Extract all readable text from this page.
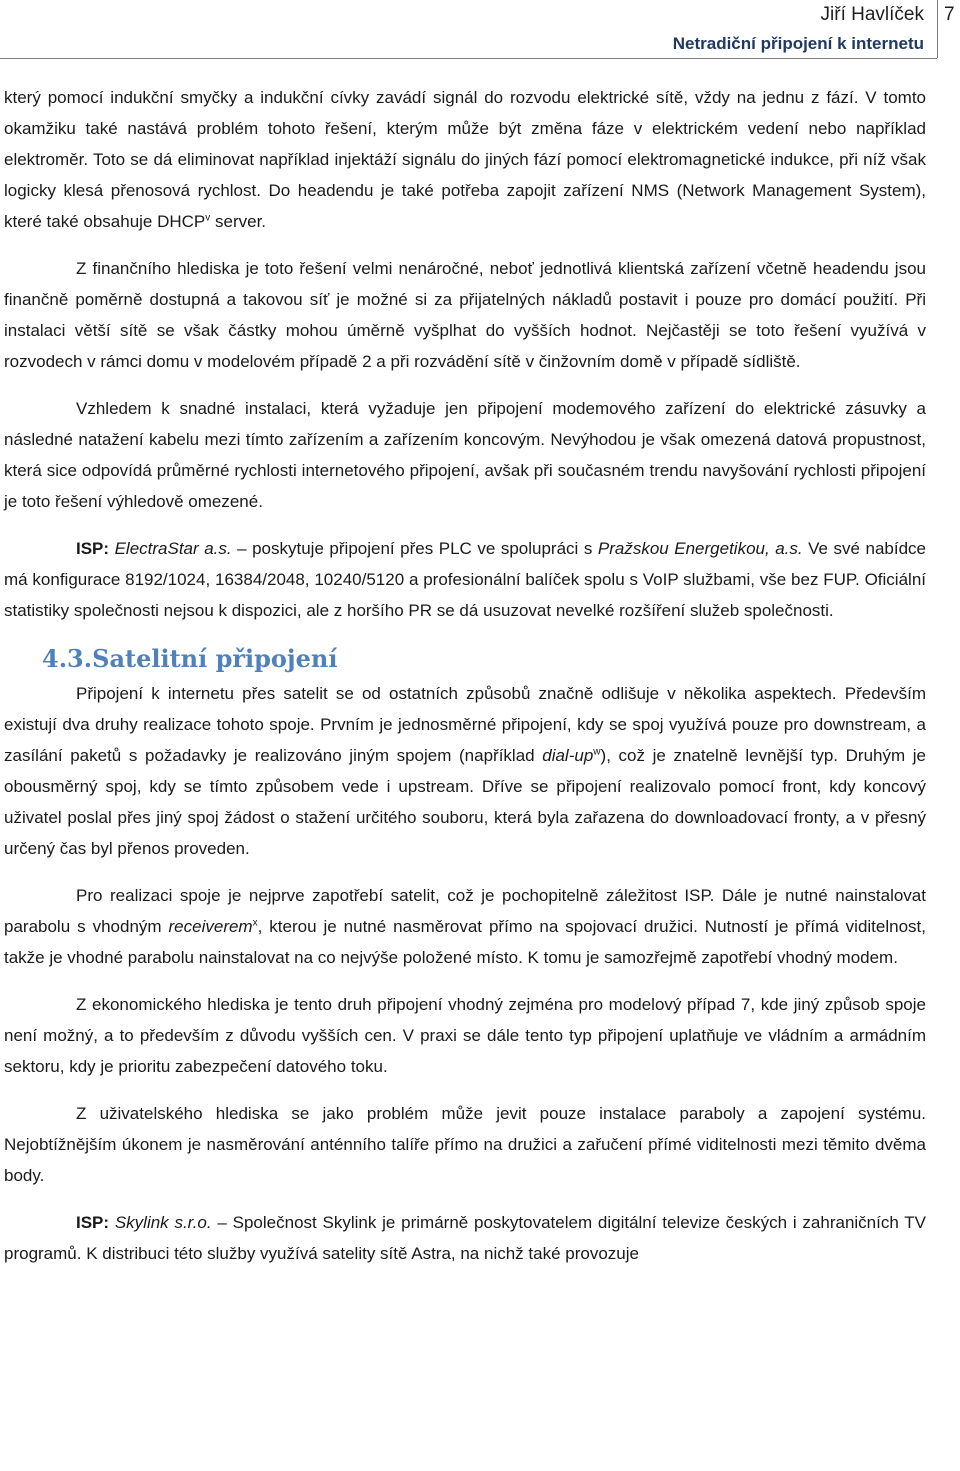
Jiří Havlíček
Netradiční připojení k internetu
7

který pomocí indukční smyčky a indukční cívky zavádí signál do rozvodu elektrické sítě, vždy na jednu z fází. V tomto okamžiku také nastává problém tohoto řešení, kterým může být změna fáze v elektrickém vedení nebo například elektroměr. Toto se dá eliminovat například injektáží signálu do jiných fází pomocí elektromagnetické indukce, při níž však logicky klesá přenosová rychlost. Do headendu je také potřeba zapojit zařízení NMS (Network Management System), které také obsahuje DHCP$^v$ server.

Z finančního hlediska je toto řešení velmi nenáročné, neboť jednotlivá klientská zařízení včetně headendu jsou finančně poměrně dostupná a takovou síť je možné si za přijatelných nákladů postavit i pouze pro domácí použití. Při instalaci větší sítě se však částky mohou úměrně vyšplhat do vyšších hodnot. Nejčastěji se toto řešení využívá v rozvodech v rámci domu v modelovém případě 2 a při rozvádění sítě v činžovním domě v případě sídliště.

Vzhledem k snadné instalaci, která vyžaduje jen připojení modemového zařízení do elektrické zásuvky a následné natažení kabelu mezi tímto zařízením a zařízením koncovým. Nevýhodou je však omezená datová propustnost, která sice odpovídá průměrné rychlosti internetového připojení, avšak při současném trendu navyšování rychlosti připojení je toto řešení výhledově omezené.

ISP: ElectraStar a.s. – poskytuje připojení přes PLC ve spolupráci s Pražskou Energetikou, a.s. Ve své nabídce má konfigurace 8192/1024, 16384/2048, 10240/5120 a profesionální balíček spolu s VoIP službami, vše bez FUP. Oficiální statistiky společnosti nejsou k dispozici, ale z horšího PR se dá usuzovat nevelké rozšíření služeb společnosti.

4.3.Satelitní připojení

Připojení k internetu přes satelit se od ostatních způsobů značně odlišuje v několika aspektech. Především existují dva druhy realizace tohoto spoje. Prvním je jednosměrné připojení, kdy se spoj využívá pouze pro downstream, a zasílání paketů s požadavky je realizováno jiným spojem (například dial-$up^w$), což je znatelně levnější typ. Druhým je obousměrný spoj, kdy se tímto způsobem vede i upstream. Dříve se připojení realizovalo pomocí front, kdy koncový uživatel poslal přes jiný spoj žádost o stažení určitého souboru, která byla zařazena do downloadovací fronty, a v přesný určený čas byl přenos proveden.

Pro realizaci spoje je nejprve zapotřebí satelit, což je pochopitelně záležitost ISP. Dále je nutné nainstalovat parabolu s vhodným receiverem$^x$, kterou je nutné nasměrovat přímo na spojovací družici. Nutností je přímá viditelnost, takže je vhodné parabolu nainstalovat na co nejvýše položené místo. K tomu je samozřejmě zapotřebí vhodný modem.

Z ekonomického hlediska je tento druh připojení vhodný zejména pro modelový případ 7, kde jiný způsob spoje není možný, a to především z důvodu vyšších cen. V praxi se dále tento typ připojení uplatňuje ve vládním a armádním sektoru, kdy je prioritu zabezpečení datového toku.

Z uživatelského hlediska se jako problém může jevit pouze instalace paraboly a zapojení systému. Nejobtížnějším úkonem je nasměrování anténního talíře přímo na družici a zařučení přímé viditelnosti mezi těmito dvěma body.

ISP: Skylink s.r.o. – Společnost Skylink je primárně poskytovatelem digitální televize českých i zahraničních TV programů. K distribuci této služby využívá satelity sítě Astra, na nichž také provozuje
